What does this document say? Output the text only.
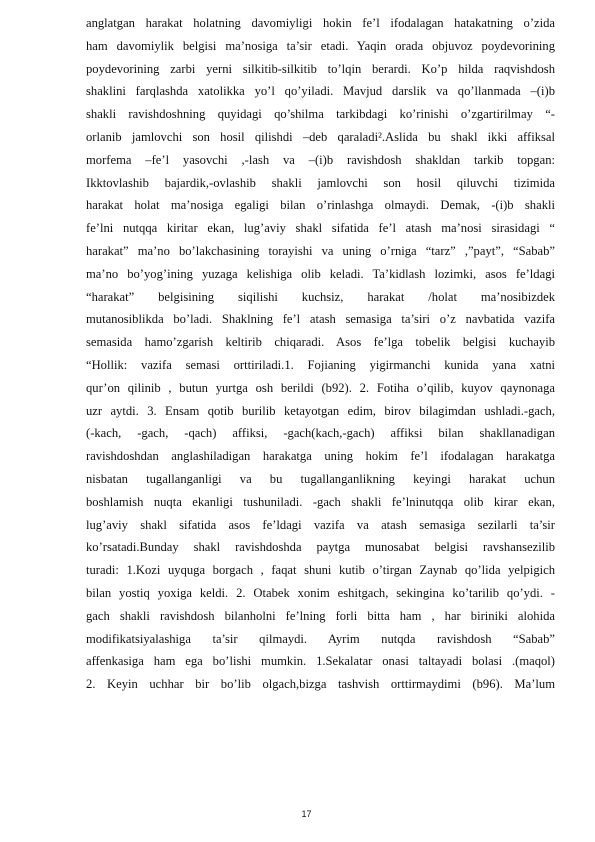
anglatgan harakat holatning davomiyligi hokin fe’l ifodalagan hatakatning o’zida
ham davomiylik belgisi ma’nosiga ta’sir etadi. Yaqin orada objuvoz poydevorining
poydevorining zarbi yerni silkitib-silkitib to’lqin berardi. Ko’p hilda raqvishdosh
shaklini farqlashda xatolikka yo’l qo’yiladi. Mavjud darslik va qo’llanmada –(i)b
shakli ravishdoshning quyidagi qo’shilma tarkibdagi ko’rinishi o’zgartirilmay “-
orlanib jamlovchi son hosil qilishdi –deb qaraladi².Aslida bu shakl ikki affiksal
morfema –fe’l yasovchi ,-lash va –(i)b ravishdosh shakldan tarkib topgan:
Ikktovlashib bajardik,-ovlashib shakli jamlovchi son hosil qiluvchi tizimida
harakat holat ma’nosiga egaligi bilan o’rinlashga olmaydi. Demak, -(i)b shakli
fe’lni nutqqa kiritar ekan, lug’aviy shakl sifatida fe’l atash ma’nosi sirasidagi “
harakat” ma’no bo’lakchasining torayishi va uning o’rniga “tarz” ,”payt”, “Sabab”
ma’no bo’yog’ining yuzaga kelishiga olib keladi. Ta’kidlash lozimki, asos fe’ldagi
“harakat” belgisining siqilishi kuchsiz, harakat /holat ma’nosibizdek
mutanosiblikda bo’ladi. Shaklning fe’l atash semasiga ta’siri o’z navbatida vazifa
semasida hamo’zgarish keltirib chiqaradi. Asos fe’lga tobelik belgisi kuchayib
“Hollik: vazifa semasi orttiriladi.1. Fojianing yigirmanchi kunida yana xatni
qur’on qilinib , butun yurtga osh berildi (b92). 2. Fotiha o’qilib, kuyov qaynonaga
uzr aytdi. 3. Ensam qotib burilib ketayotgan edim, birov bilagimdan ushladi.-gach,
(-kach, -gach, -qach) affiksi, -gach(kach,-gach) affiksi bilan shakllanadigan
ravishdoshdan anglashiladigan harakatga uning hokim fe’l ifodalagan harakatga
nisbatan tugallanganligi va bu tugallanganlikning keyingi harakat uchun
boshlamish nuqta ekanligi tushuniladi. -gach shakli fe’lninutqqa olib kirar ekan,
lug’aviy shakl sifatida asos fe’ldagi vazifa va atash semasiga sezilarli ta’sir
ko’rsatadi.Bunday shakl ravishdoshda paytga munosabat belgisi ravshansezilib
turadi: 1.Kozi uyquga borgach , faqat shuni kutib o’tirgan Zaynab qo’lida yelpigich
bilan yostiq yoxiga keldi. 2. Otabek xonim eshitgach, sekingina ko’tarilib qo’ydi. -
gach shakli ravishdosh bilanholni fe’lning forli bitta ham , har biriniki alohida
modifikatsiyalashiga ta’sir qilmaydi. Ayrim nutqda ravishdosh “Sabab”
affenkasiga ham ega bo’lishi mumkin. 1.Sekalatar onasi taltayadi bolasi .(maqol)
2. Keyin uchhar bir bo’lib olgach,bizga tashvish orttirmaydimi (b96). Ma’lum
17
